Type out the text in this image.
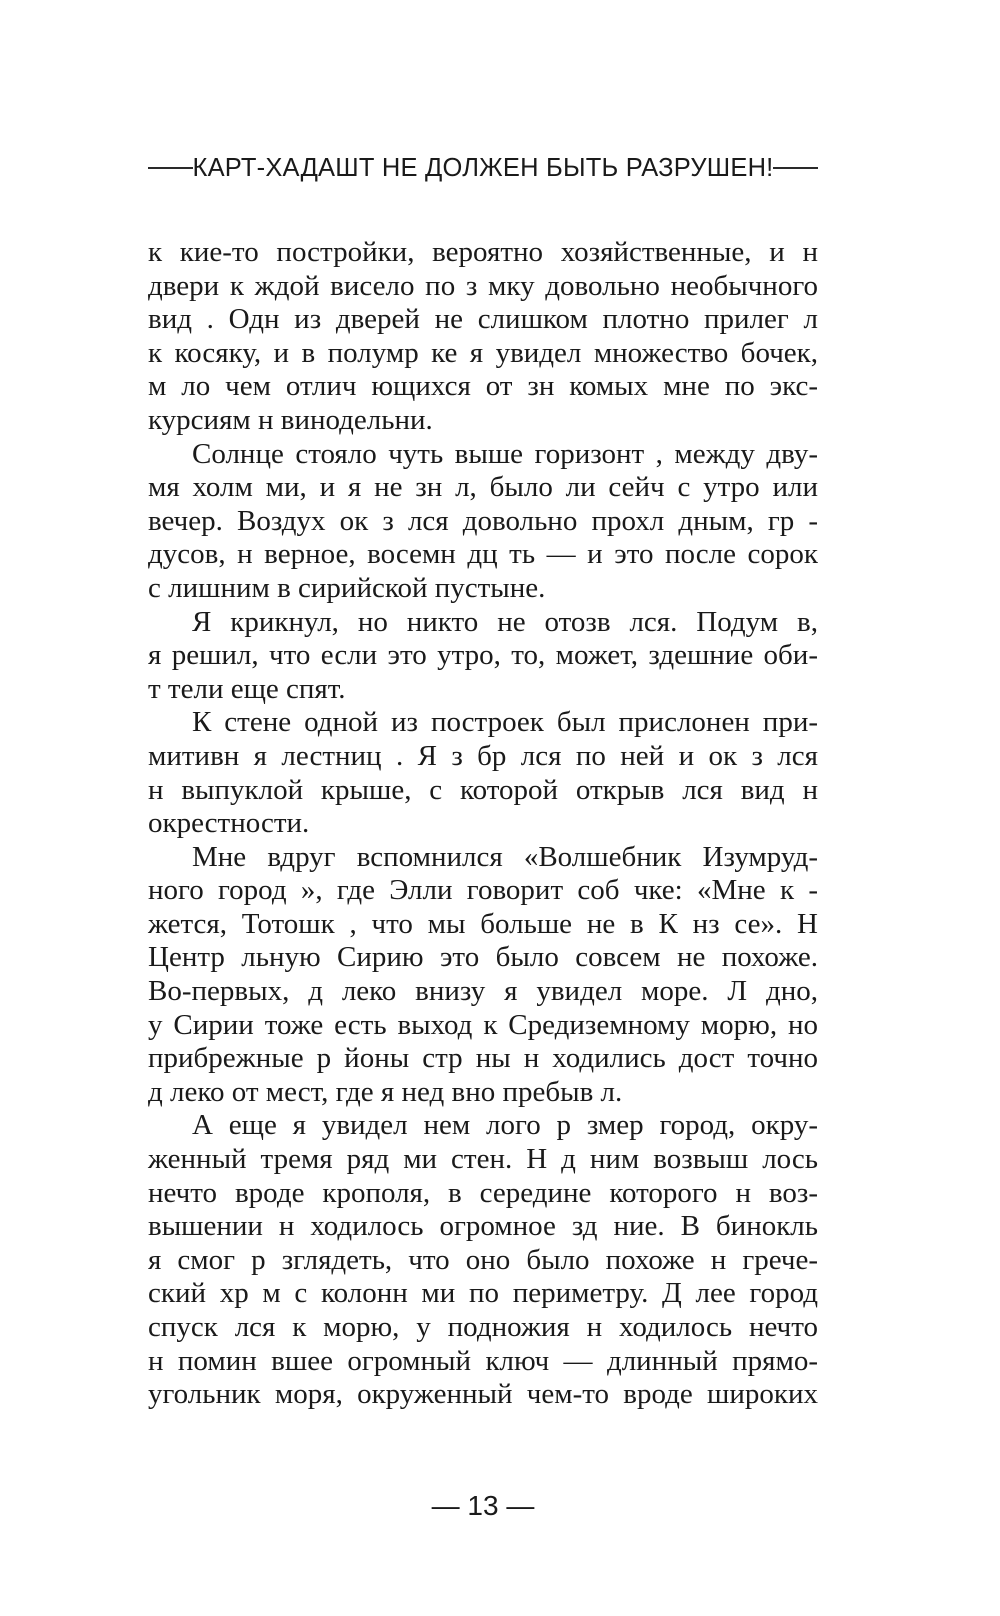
КАРТ-ХАДАШТ НЕ ДОЛЖЕН БЫТЬ РАЗРУШЕН!
к кие-то постройки, вероятно хозяйственные, и н
двери к ждой висело по з мку довольно необычного
вид . Одн из дверей не слишком плотно прилег л
к косяку, и в полумр ке я увидел множество бочек,
м ло чем отлич ющихся от зн комых мне по экс-
курсиям н винодельни.
Солнце стояло чуть выше горизонт , между дву-
мя холм ми, и я не зн л, было ли сейч с утро или
вечер. Воздух ок з лся довольно прохл дным, гр -
дусов, н верное, восемн дц ть — и это после сорок
с лишним в сирийской пустыне.
Я крикнул, но никто не отозв лся. Подум в,
я решил, что если это утро, то, может, здешние оби-
т тели еще спят.
К стене одной из построек был прислонен при-
митивн я лестниц . Я з бр лся по ней и ок з лся
н выпуклой крыше, с которой открыв лся вид н
окрестности.
Мне вдруг вспомнился «Волшебник Изумруд-
ного город », где Элли говорит соб чке: «Мне к -
жется, Тотошк , что мы больше не в К нз се». Н
Центр льную Сирию это было совсем не похоже.
Во-первых, д леко внизу я увидел море. Л дно,
у Сирии тоже есть выход к Средиземному морю, но
прибрежные р йоны стр ны н ходились дост точно
д леко от мест, где я нед вно пребыв л.
А еще я увидел нем лого р змер город, окру-
женный тремя ряд ми стен. Н д ним возвыш лось
нечто вроде крополя, в середине которого н воз-
вышении н ходилось огромное зд ние. В бинокль
я смог р зглядеть, что оно было похоже н грече-
ский хр м с колонн ми по периметру. Д лее город
спуск лся к морю, у подножия н ходилось нечто
н помин вшее огромный ключ — длинный прямо-
угольник моря, окруженный чем-то вроде широких
— 13 —
